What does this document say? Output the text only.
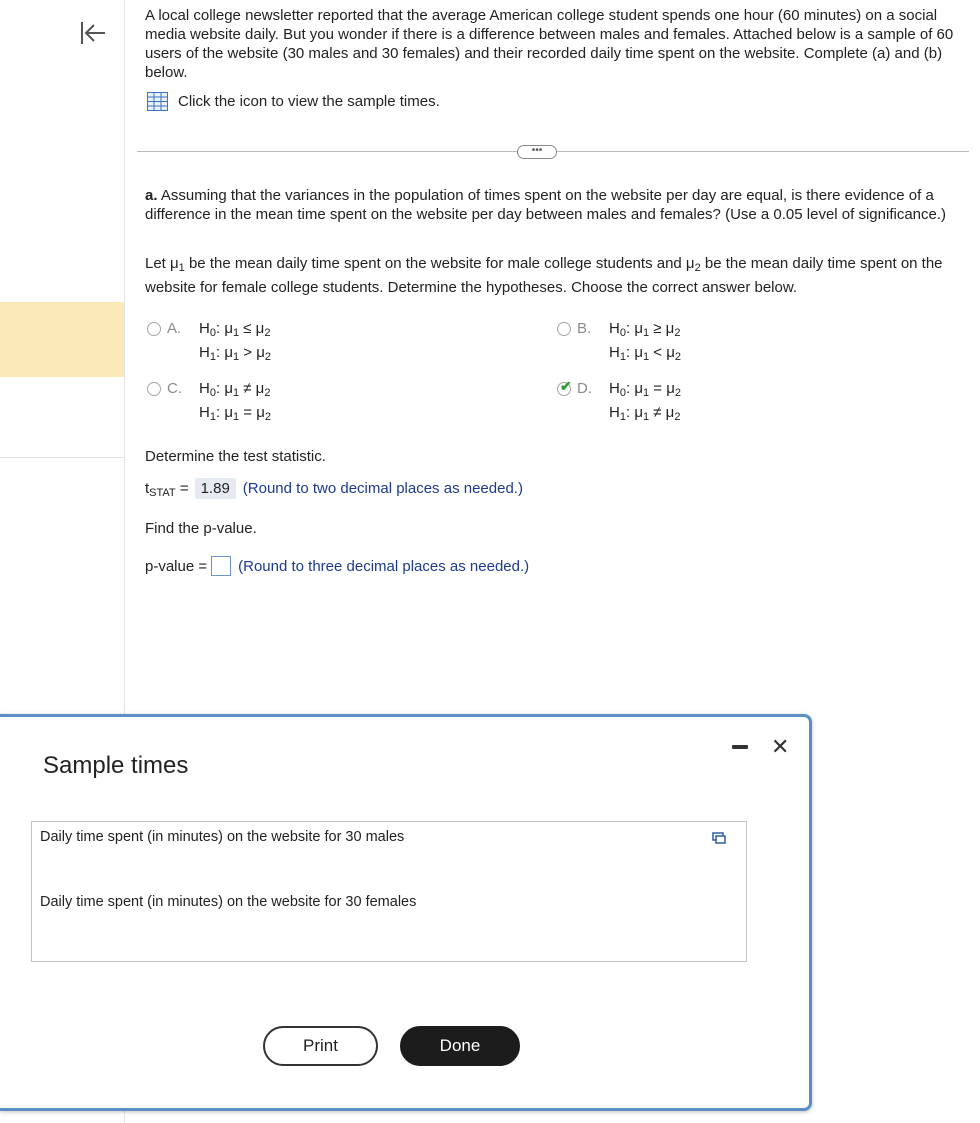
A local college newsletter reported that the average American college student spends one hour (60 minutes) on a social media website daily. But you wonder if there is a difference between males and females. Attached below is a sample of 60 users of the website (30 males and 30 females) and their recorded daily time spent on the website. Complete (a) and (b) below.

Click the icon to view the sample times.
•••

a. Assuming that the variances in the population of times spent on the website per day are equal, is there evidence of a difference in the mean time spent on the website per day between males and females? (Use a 0.05 level of significance.)

Let $\mu_1$ be the mean daily time spent on the website for male college students and $\mu_2$ be the mean daily time spent on the website for female college students. Determine the hypotheses. Choose the correct answer below.

A.	$H_0$: $\mu_1 \le \mu_2$
$H_1$: $\mu_1 > \mu_2$
B.	$H_0$: $\mu_1 \ge \mu_2$
$H_1$: $\mu_1 < \mu_2$
C.	$H_0$: $\mu_1 \ne \mu_2$
$H_1$: $\mu_1 = \mu_2$
✔ D.	$H_0$: $\mu_1 = \mu_2$
$H_1$: $\mu_1 \ne \mu_2$

Determine the test statistic.

$t_{STAT} = 1.89$ (Round to two decimal places as needed.)

Find the p-value.

p-value = (Round to three decimal places as needed.)
Sample times
✕
Daily time spent (in minutes) on the website for 30 males
Daily time spent (in minutes) on the website for 30 females
Print	Done
